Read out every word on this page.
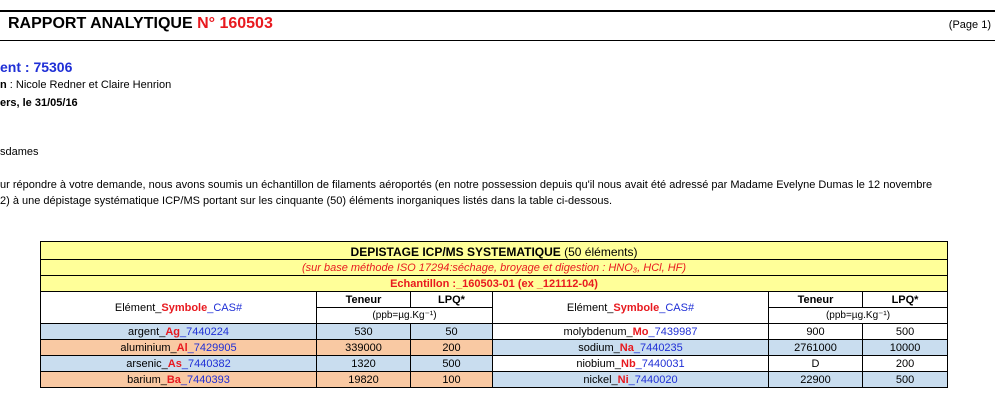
RAPPORT ANALYTIQUE N° 160503	(Page 1)
ent : 75306
n : Nicole Redner et Claire Henrion
ers, le 31/05/16
sdames
ur répondre à votre demande, nous avons soumis un échantillon de filaments aéroportés (en notre possession depuis qu'il nous avait été adressé par Madame Evelyne Dumas le 12 novembre
2) à une dépistage systématique ICP/MS portant sur les cinquante (50) éléments inorganiques listés dans la table ci-dessous.
DEPISTAGE ICP/MS SYSTEMATIQUE (50 éléments)					
(sur base méthode ISO 17294:séchage, broyage et digestion : HNO₃, HCl, HF)					
Echantillon :_160503-01 (ex _121112-04)					
Elément_Symbole_CAS#	Teneur	LPQ*	Elément_Symbole_CAS#	Teneur	LPQ*
	(ppb=µg.Kg⁻¹)			(ppb=µg.Kg⁻¹)	
argent_Ag_7440224	530	50	molybdenum_Mo_7439987	900	500
aluminium_Al_7429905	339000	200	sodium_Na_7440235	2761000	10000
arsenic_As_7440382	1320	500	niobium_Nb_7440031	D	200
barium_Ba_7440393	19820	100	nickel_Ni_7440020	22900	500
